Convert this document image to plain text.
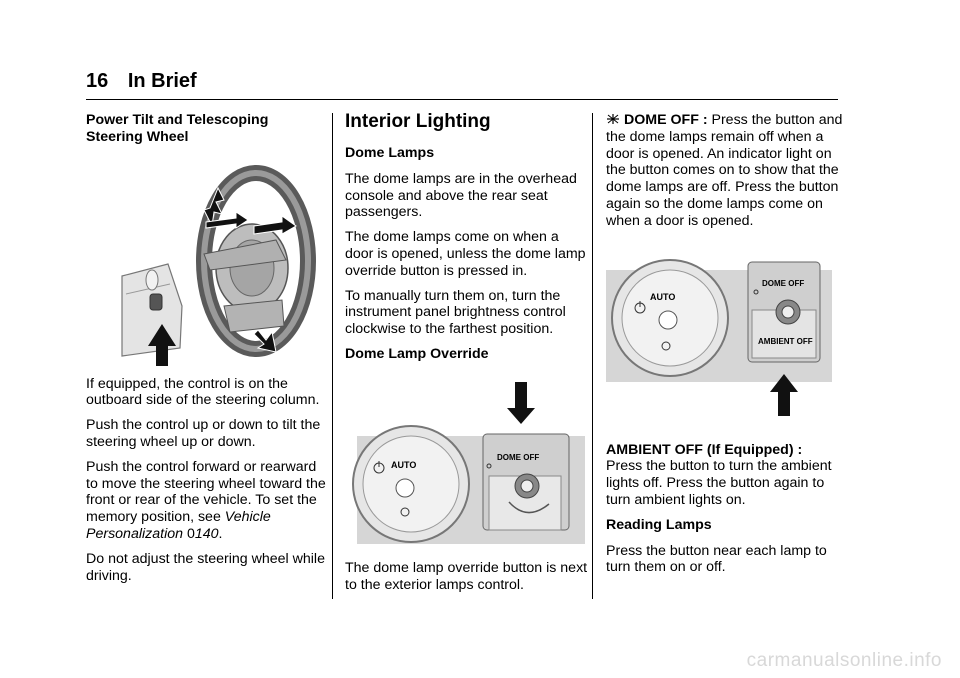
16 In Brief
Power Tilt and Telescoping
Steering Wheel

If equipped, the control is on the outboard side of the steering column.

Push the control up or down to tilt the steering wheel up or down.

Push the control forward or rearward to move the steering wheel toward the front or rear of the vehicle. To set the memory position, see Vehicle Personalization 0140.

Do not adjust the steering wheel while driving.

Interior Lighting
Dome Lamps

The dome lamps are in the overhead console and above the rear seat passengers.

The dome lamps come on when a door is opened, unless the dome lamp override button is pressed in.

To manually turn them on, turn the instrument panel brightness control clockwise to the farthest position.

Dome Lamp Override
AUTO
DOME OFF

The dome lamp override button is next to the exterior lamps control.

DOME OFF : Press the button and the dome lamps remain off when a door is opened. An indicator light on the button comes on to show that the dome lamps are off. Press the button again so the dome lamps come on when a door is opened.

AUTO
DOME OFF
AMBIENT OFF

AMBIENT OFF (If Equipped) :
Press the button to turn the ambient lights off. Press the button again to turn ambient lights on.

Reading Lamps

Press the button near each lamp to turn them on or off.

carmanualsonline.info
